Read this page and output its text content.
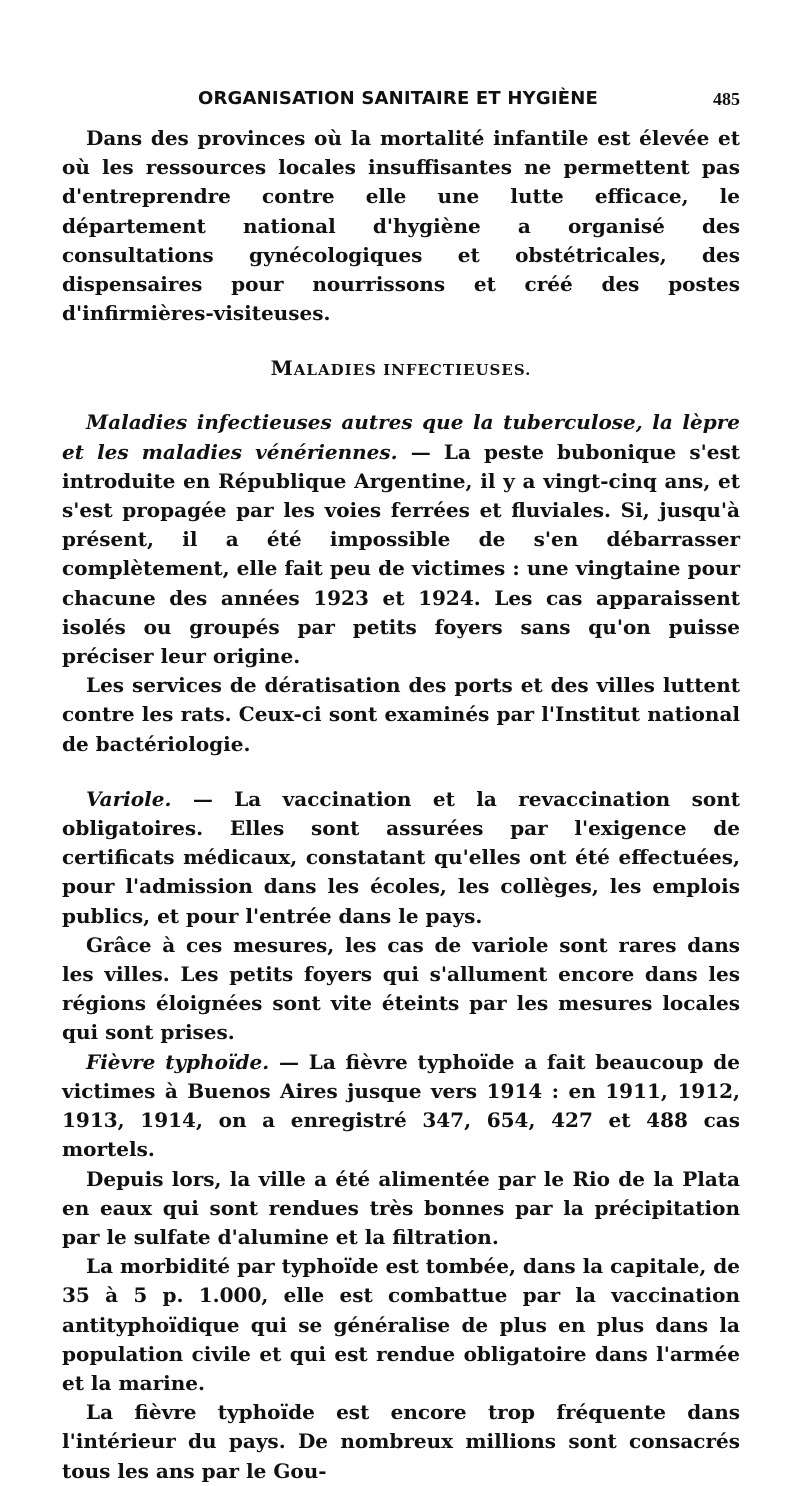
ORGANISATION SANITAIRE ET HYGIÈNE	485

Dans des provinces où la mortalité infantile est élevée et où les ressources locales insuffisantes ne permettent pas d'entreprendre contre elle une lutte efficace, le département national d'hygiène a organisé des consultations gynécologiques et obstétricales, des dispensaires pour nourrissons et créé des postes d'infirmières-visiteuses.

MALADIES INFECTIEUSES.

Maladies infectieuses autres que la tuberculose, la lèpre et les maladies vénériennes. — La peste bubonique s'est introduite en République Argentine, il y a vingt-cinq ans, et s'est propagée par les voies ferrées et fluviales. Si, jusqu'à présent, il a été impossible de s'en débarrasser complètement, elle fait peu de victimes : une vingtaine pour chacune des années 1923 et 1924. Les cas apparaissent isolés ou groupés par petits foyers sans qu'on puisse préciser leur origine.

Les services de dératisation des ports et des villes luttent contre les rats. Ceux-ci sont examinés par l'Institut national de bactériologie.

Variole. — La vaccination et la revaccination sont obligatoires. Elles sont assurées par l'exigence de certificats médicaux, constatant qu'elles ont été effectuées, pour l'admission dans les écoles, les collèges, les emplois publics, et pour l'entrée dans le pays.

Grâce à ces mesures, les cas de variole sont rares dans les villes. Les petits foyers qui s'allument encore dans les régions éloignées sont vite éteints par les mesures locales qui sont prises.

Fièvre typhoïde. — La fièvre typhoïde a fait beaucoup de victimes à Buenos Aires jusque vers 1914 : en 1911, 1912, 1913, 1914, on a enregistré 347, 654, 427 et 488 cas mortels.

Depuis lors, la ville a été alimentée par le Rio de la Plata en eaux qui sont rendues très bonnes par la précipitation par le sulfate d'alumine et la filtration.

La morbidité par typhoïde est tombée, dans la capitale, de 35 à 5 p. 1.000, elle est combattue par la vaccination antityphoïdique qui se généralise de plus en plus dans la population civile et qui est rendue obligatoire dans l'armée et la marine.

La fièvre typhoïde est encore trop fréquente dans l'intérieur du pays. De nombreux millions sont consacrés tous les ans par le Gou-
